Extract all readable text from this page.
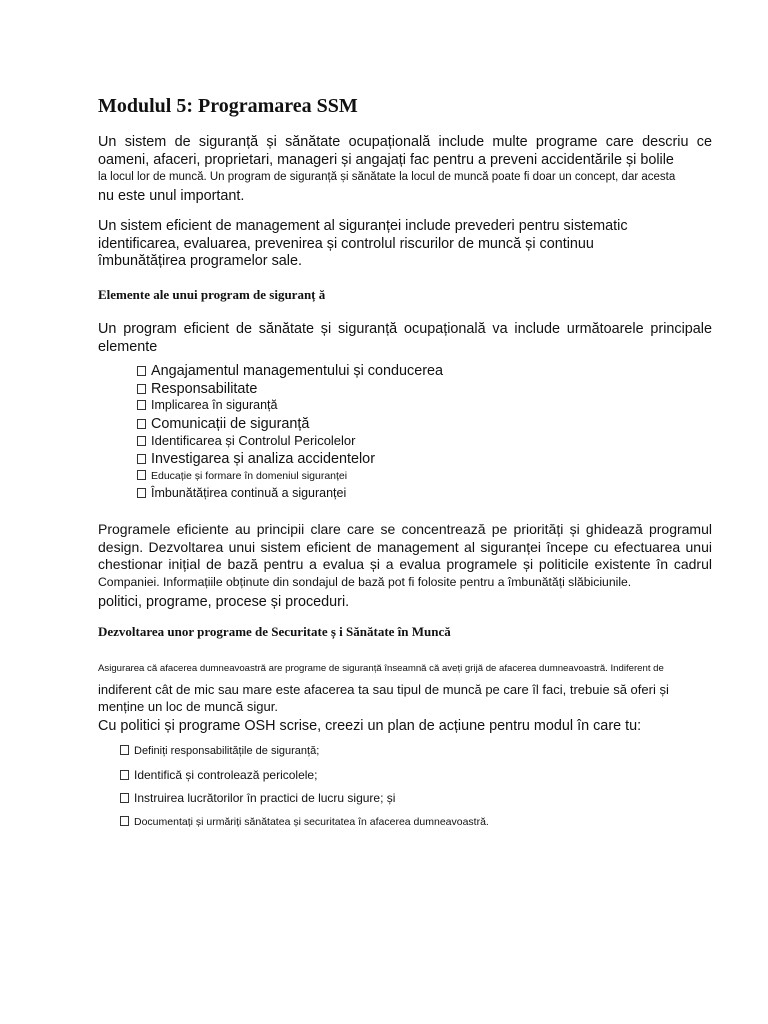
Modulul 5: Programarea SSM
Un sistem de siguranță și sănătate ocupațională include multe programe care descriu ce
oameni, afaceri, proprietari, manageri și angajați fac pentru a preveni accidentările și bolile
la locul lor de muncă. Un program de siguranță și sănătate la locul de muncă poate fi doar un concept, dar acesta
nu este unul important.
Un sistem eficient de management al siguranței include prevederi pentru sistematic
identificarea, evaluarea, prevenirea și controlul riscurilor de muncă și continuu
îmbunătățirea programelor sale.
Elemente ale unui program de siguranț ă
Un program eficient de sănătate și siguranță ocupațională va include următoarele principale
elemente
Angajamentul managementului și conducerea
Responsabilitate
Implicarea în siguranță
Comunicații de siguranță
Identificarea și Controlul Pericolelor
Investigarea și analiza accidentelor
Educație și formare în domeniul siguranței
Îmbunătățirea continuă a siguranței
Programele eficiente au principii clare care se concentrează pe priorități și ghidează programul
design. Dezvoltarea unui sistem eficient de management al siguranței începe cu efectuarea unui
chestionar inițial de bază pentru a evalua și a evalua programele și politicile existente în cadrul
Companiei. Informațiile obținute din sondajul de bază pot fi folosite pentru a îmbunătăți slăbiciunile.
politici, programe, procese și proceduri.
Dezvoltarea unor programe de Securitate ș i Sănătate în Muncă
Asigurarea că afacerea dumneavoastră are programe de siguranță înseamnă că aveți grijă de afacerea dumneavoastră. Indiferent de
indiferent cât de mic sau mare este afacerea ta sau tipul de muncă pe care îl faci, trebuie să oferi și
menține un loc de muncă sigur.
Cu politici și programe OSH scrise, creezi un plan de acțiune pentru modul în care tu:
Definiți responsabilitățile de siguranță;
Identifică și controlează pericolele;
Instruirea lucrătorilor în practici de lucru sigure; și
Documentați și urmăriți sănătatea și securitatea în afacerea dumneavoastră.
